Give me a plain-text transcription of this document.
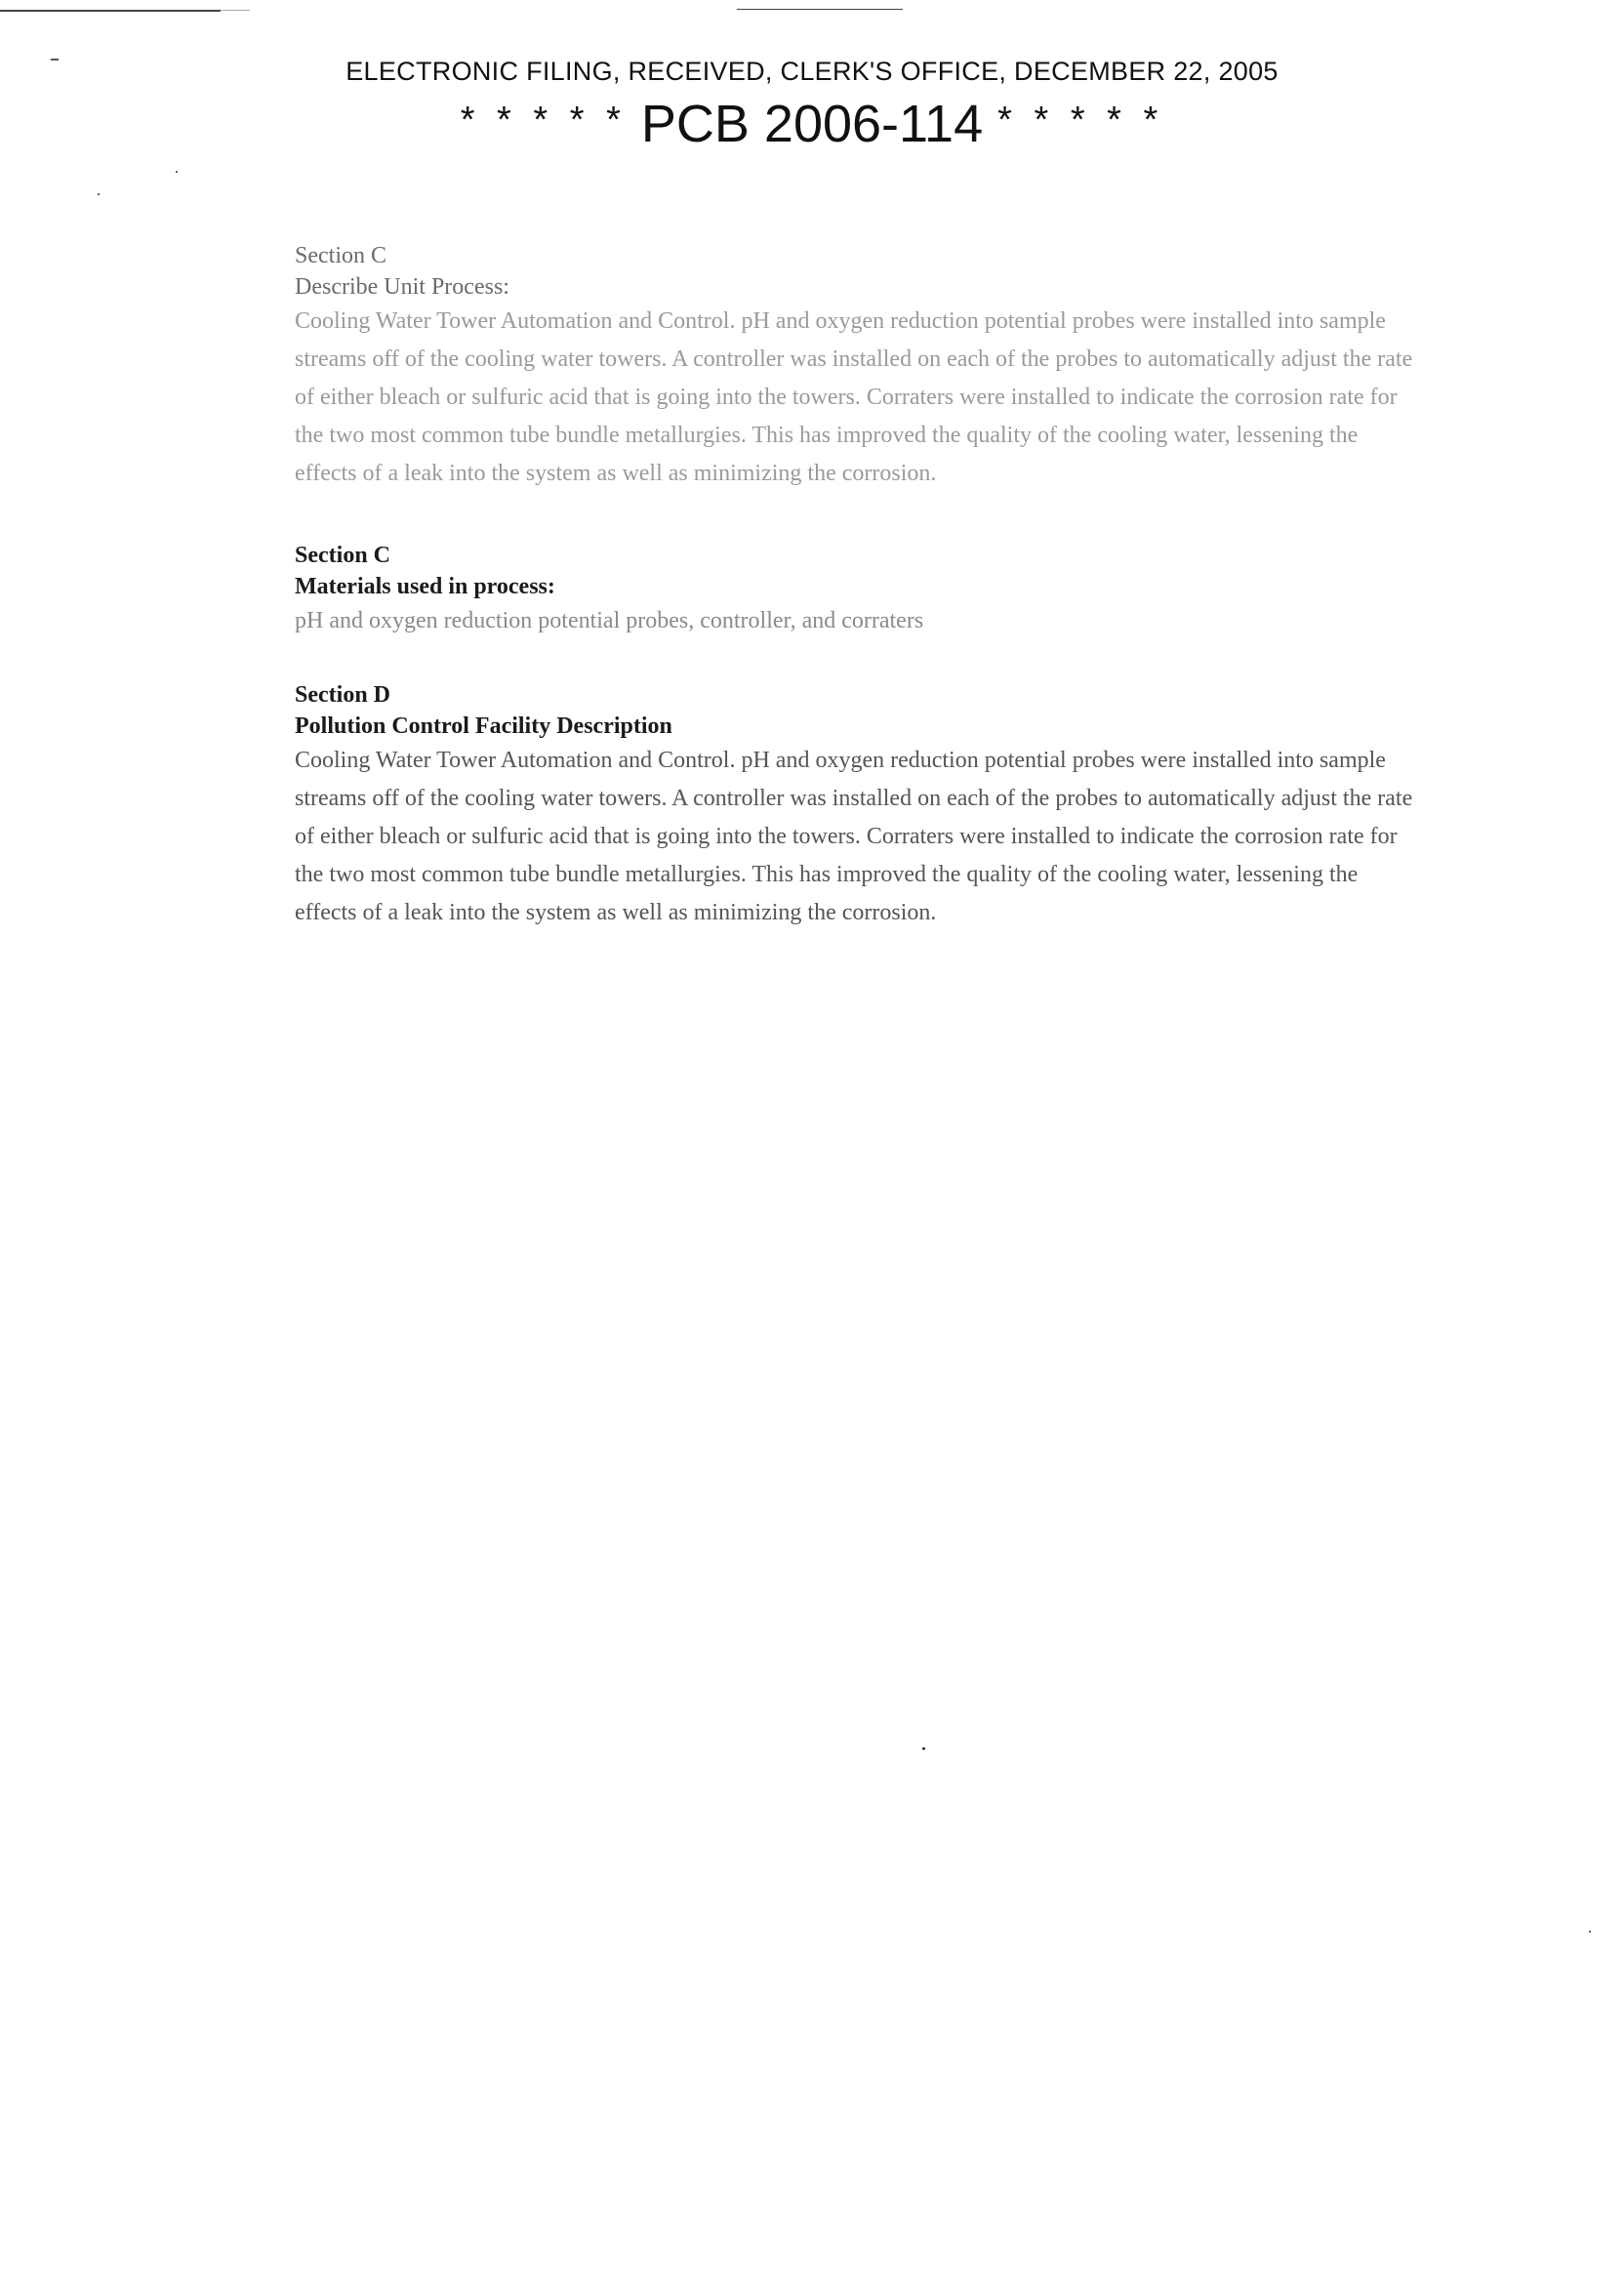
ELECTRONIC FILING, RECEIVED, CLERK'S OFFICE, DECEMBER 22, 2005
* * * * * PCB 2006-114 * * * * *
Section C
Describe Unit Process:

Cooling Water Tower Automation and Control. pH and oxygen reduction potential probes were installed into sample streams off of the cooling water towers. A controller was installed on each of the probes to automatically adjust the rate of either bleach or sulfuric acid that is going into the towers. Corraters were installed to indicate the corrosion rate for the two most common tube bundle metallurgies. This has improved the quality of the cooling water, lessening the effects of a leak into the system as well as minimizing the corrosion.

Section C
Materials used in process:

pH and oxygen reduction potential probes, controller, and corraters

Section D
Pollution Control Facility Description

Cooling Water Tower Automation and Control. pH and oxygen reduction potential probes were installed into sample streams off of the cooling water towers. A controller was installed on each of the probes to automatically adjust the rate of either bleach or sulfuric acid that is going into the towers. Corraters were installed to indicate the corrosion rate for the two most common tube bundle metallurgies. This has improved the quality of the cooling water, lessening the effects of a leak into the system as well as minimizing the corrosion.
